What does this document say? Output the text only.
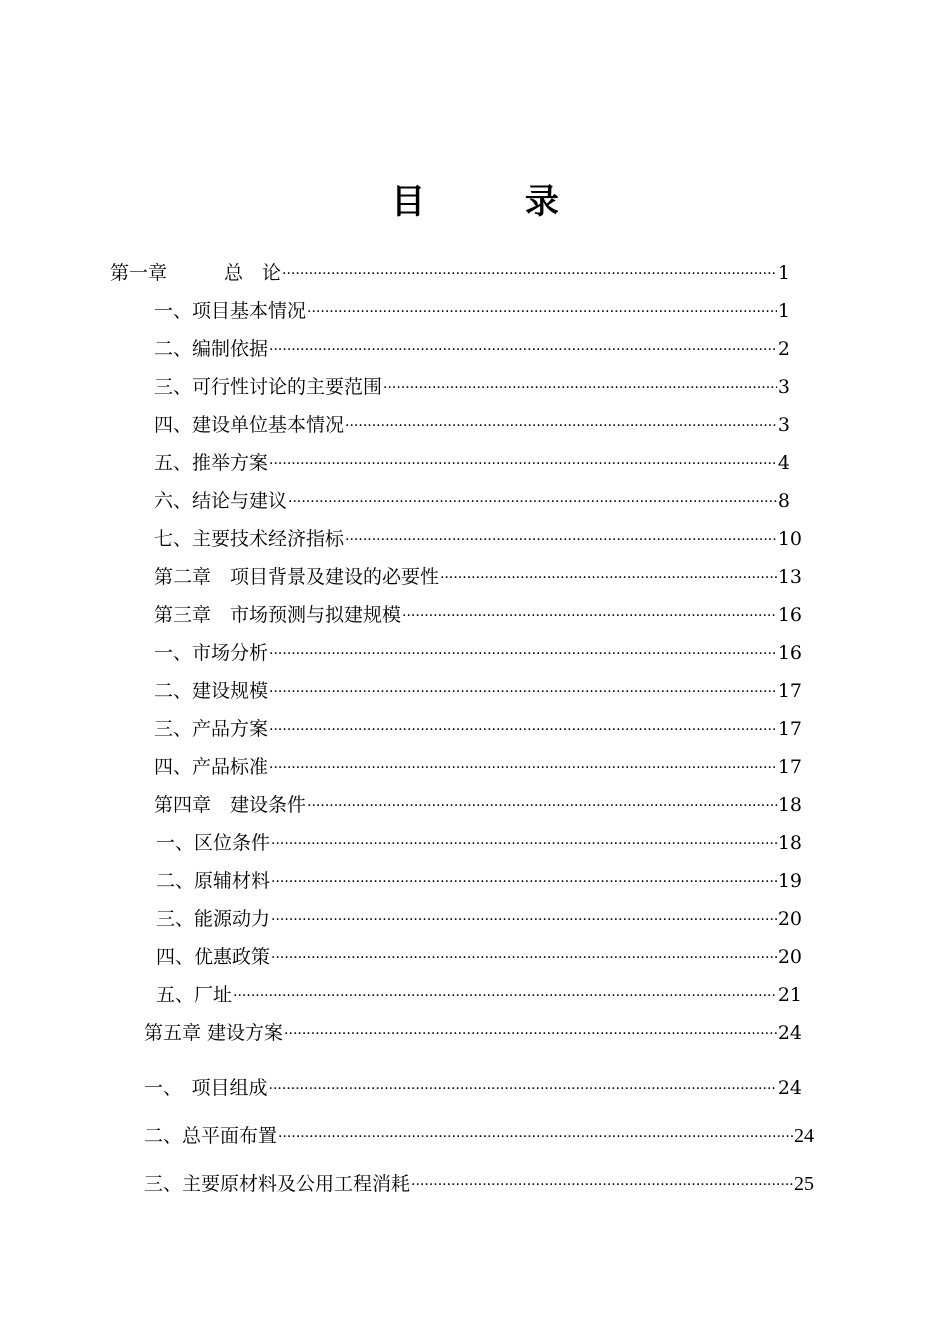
目 录
第一章　　　总　论 ·····	1
一、项目基本情况 ·····	1
二、编制依据 ·····	2
三、可行性讨论的主要范围 ·····	3
四、建设单位基本情况 ·····	3
五、推举方案 ·····	4
六、结论与建议 ·····	8
七、主要技术经济指标 ·····	10
第二章　项目背景及建设的必要性 ·····	13
第三章　市场预测与拟建规模 ·····	16
一、市场分析 ·····	16
二、建设规模 ·····	17
三、产品方案 ·····	17
四、产品标准 ·····	17
第四章　建设条件 ·····	18
一、区位条件 ·····	18
二、原辅材料 ·····	19
三、能源动力 ·····	20
四、优惠政策 ·····	20
五、厂址 ·····	21
第五章 建设方案 ·····	24
一、　项目组成 ·····	24
二、总平面布置 ·····	24
三、主要原材料及公用工程消耗 ·····	25
